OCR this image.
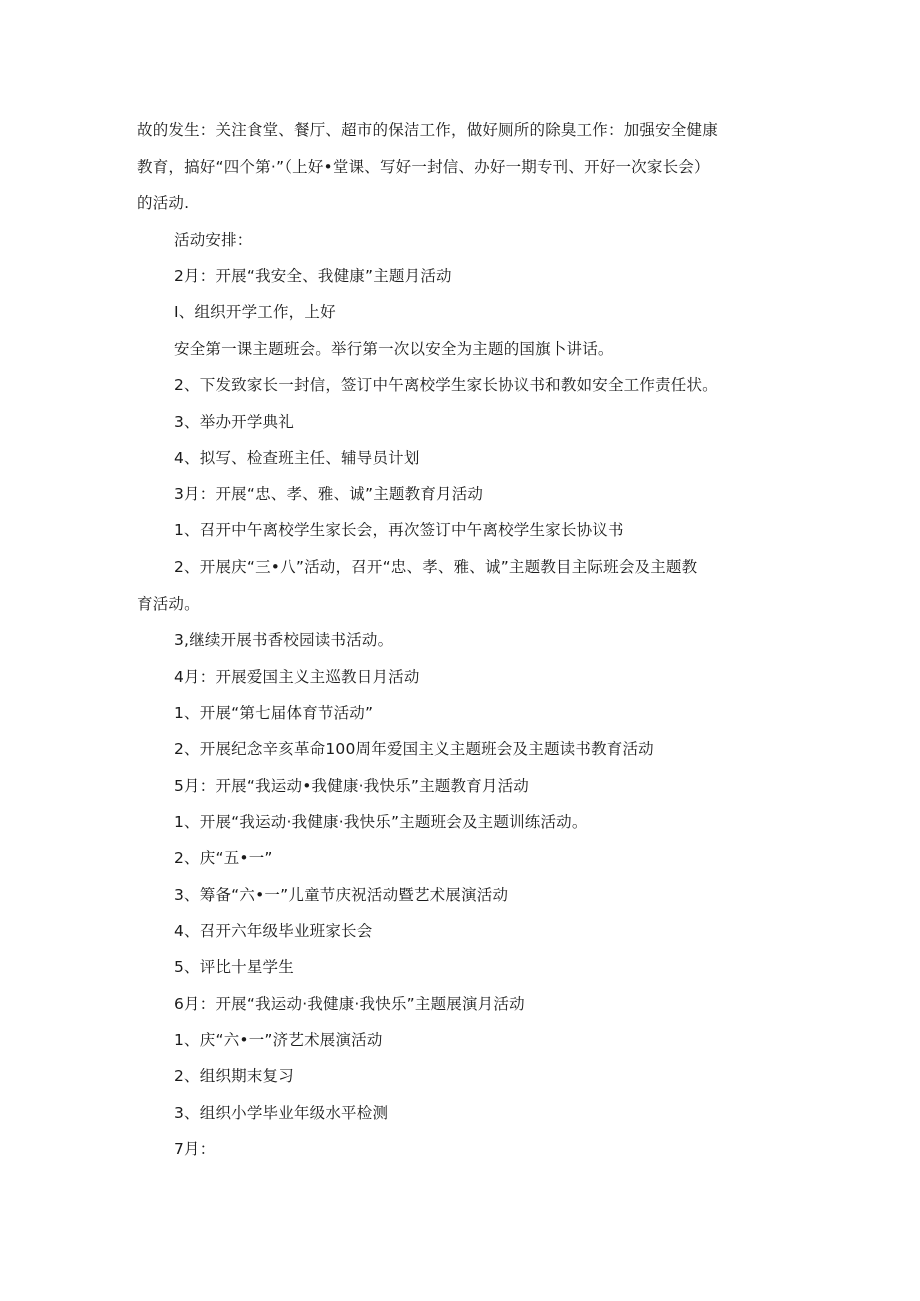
故的发生：关注食堂、餐厅、超市的保洁工作，做好厕所的除臭工作：加强安全健康
教育，搞好“四个第·”（上好•堂课、写好一封信、办好一期专刊、开好一次家长会）
的活动.
活动安排：
2月：开展“我安全、我健康”主题月活动
I、组织开学工作，上好
安全第一课主题班会。举行第一次以安全为主题的国旗卜讲话。
2、下发致家长一封信，签订中午离校学生家长协议书和教如安全工作责任状。
3、举办开学典礼
4、拟写、检查班主任、辅导员计划
3月：开展“忠、孝、雅、诚”主题教育月活动
1、召开中午离校学生家长会，再次签订中午离校学生家长协议书
2、开展庆“三•八”活动，召开“忠、孝、雅、诚”主题教目主际班会及主题教
育活动。
3,继续开展书香校园读书活动。
4月：开展爱国主义主巡教日月活动
1、开展“第七届体育节活动”
2、开展纪念辛亥革命100周年爱国主义主题班会及主题读书教育活动
5月：开展“我运动•我健康·我快乐”主题教育月活动
1、开展“我运动·我健康·我快乐”主题班会及主题训练活动。
2、庆“五•一”
3、筹备“六•一”儿童节庆祝活动暨艺术展演活动
4、召开六年级毕业班家长会
5、评比十星学生
6月：开展“我运动·我健康·我快乐”主题展演月活动
1、庆“六•一”济艺术展演活动
2、组织期末复习
3、组织小学毕业年级水平检测
7月：
